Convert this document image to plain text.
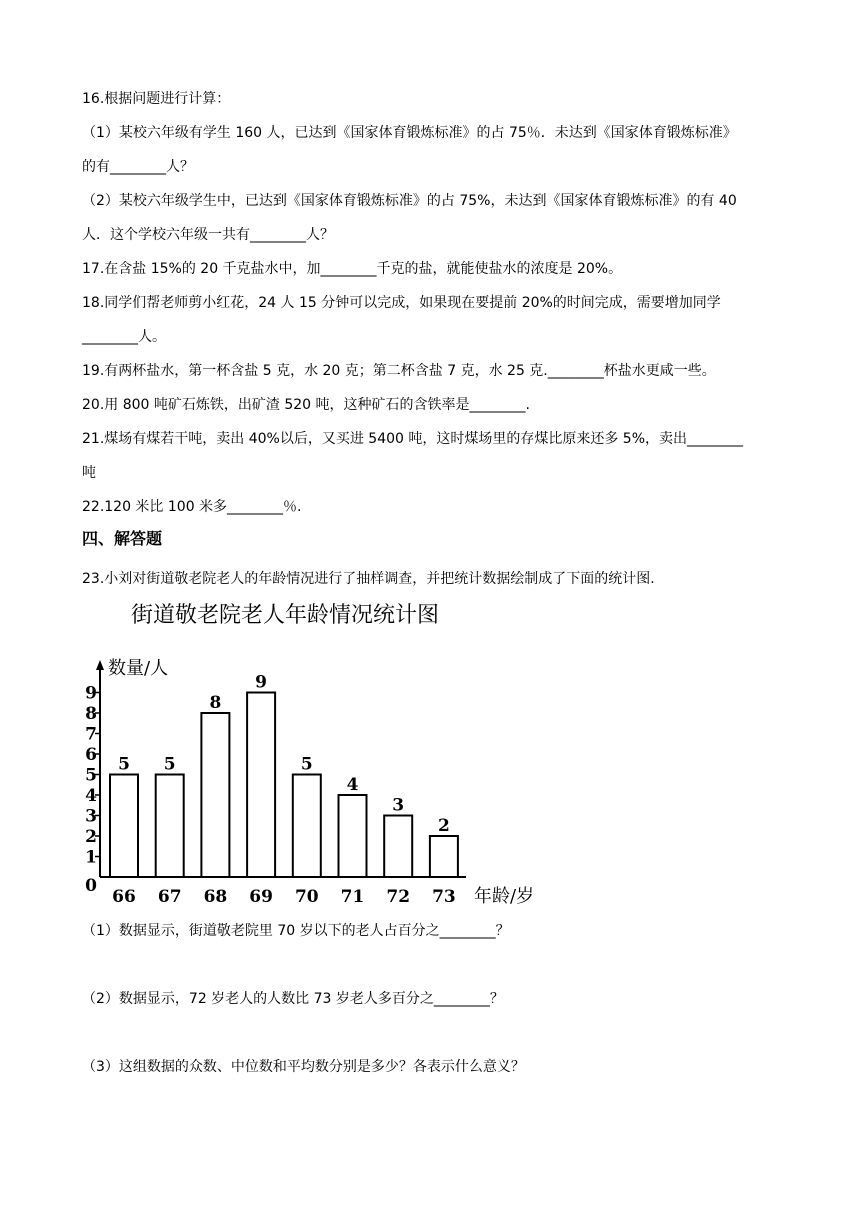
16.根据问题进行计算：
（1）某校六年级有学生 160 人，已达到《国家体育锻炼标准》的占 75％．未达到《国家体育锻炼标准》
的有________人？
（2）某校六年级学生中，已达到《国家体育锻炼标准》的占 75%，未达到《国家体育锻炼标准》的有 40
人．这个学校六年级一共有________人？
17.在含盐 15%的 20 千克盐水中，加________千克的盐，就能使盐水的浓度是 20%。
18.同学们帮老师剪小红花，24 人 15 分钟可以完成，如果现在要提前 20%的时间完成，需要增加同学
________人。
19.有两杯盐水，第一杯含盐 5 克，水 20 克；第二杯含盐 7 克，水 25 克.________杯盐水更咸一些。
20.用 800 吨矿石炼铁，出矿渣 520 吨，这种矿石的含铁率是________.
21.煤场有煤若干吨，卖出 40%以后，又买进 5400 吨，这时煤场里的存煤比原来还多 5%，卖出________
吨
22.120 米比 100 米多________％.
四、解答题
23.小刘对街道敬老院老人的年龄情况进行了抽样调查，并把统计数据绘制成了下面的统计图.
街道敬老院老人年龄情况统计图
数量/人
年龄/岁
0
1
2
3
4
5
6
7
8
9
5
66
5
67
8
68
9
69
5
70
4
71
3
72
2
73
（1）数据显示，街道敬老院里 70 岁以下的老人占百分之________？
（2）数据显示，72 岁老人的人数比 73 岁老人多百分之________？
（3）这组数据的众数、中位数和平均数分别是多少？各表示什么意义？
